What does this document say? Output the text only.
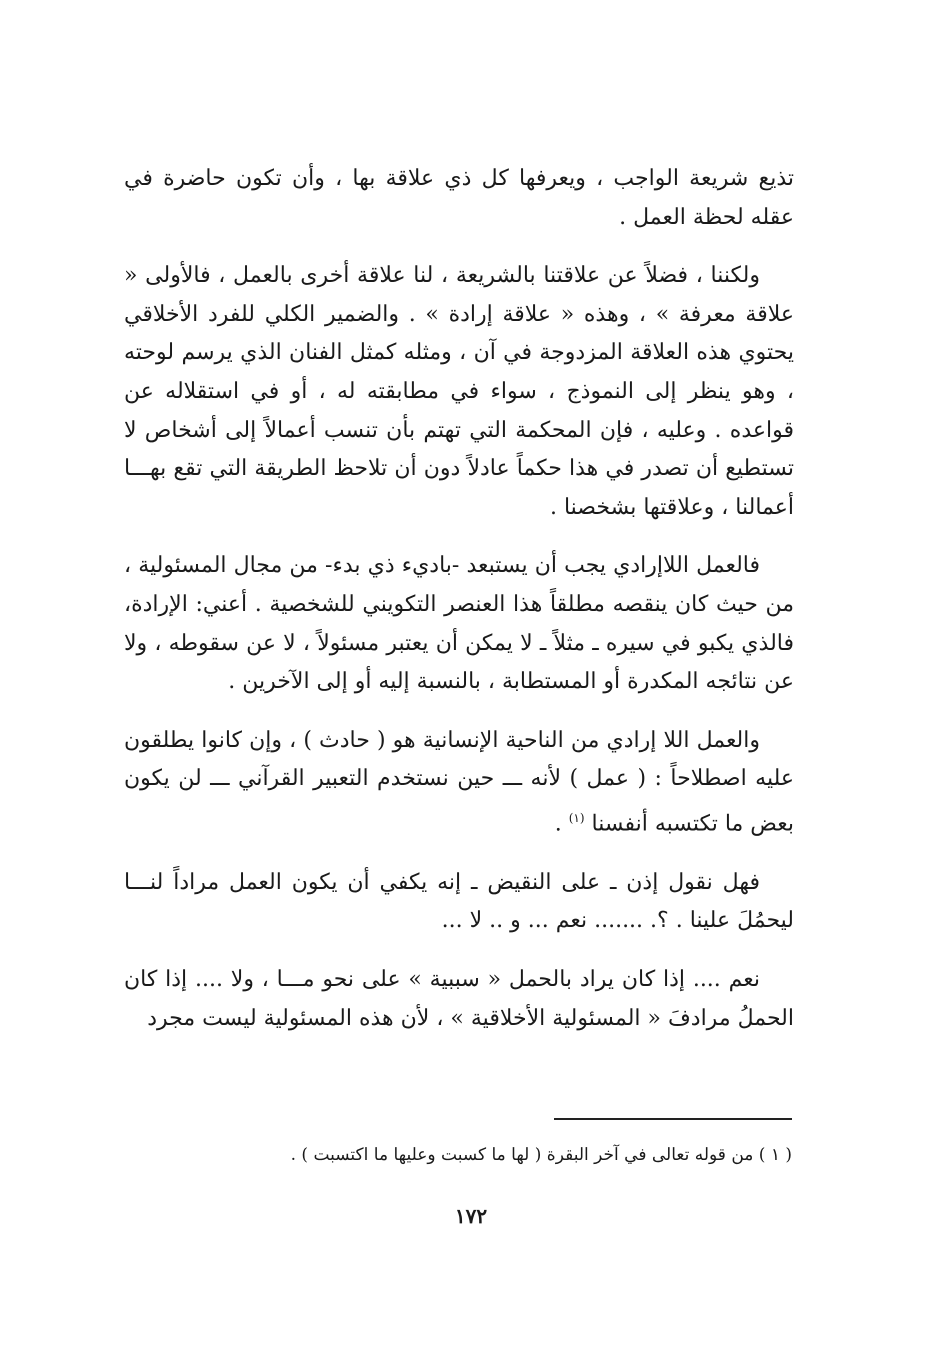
تذيع شريعة الواجب ، ويعرفها كل ذي علاقة بها ، وأن تكون حاضرة في عقله لحظة العمل .

ولكننا ، فضلاً عن علاقتنا بالشريعة ، لنا علاقة أخرى بالعمل ، فالأولى « علاقة معرفة » ، وهذه « علاقة إرادة » . والضمير الكلي للفرد الأخلاقي يحتوي هذه العلاقة المزدوجة في آن ، ومثله كمثل الفنان الذي يرسم لوحته ، وهو ينظر إلى النموذج ، سواء في مطابقته له ، أو في استقلاله عن قواعده . وعليه ، فإن المحكمة التي تهتم بأن تنسب أعمالاً إلى أشخاص لا تستطيع أن تصدر في هذا حكماً عادلاً دون أن تلاحظ الطريقة التي تقع بهـــا أعمالنا ، وعلاقتها بشخصنا .

فالعمل اللاإرادي يجب أن يستبعد -باديء ذي بدء- من مجال المسئولية ، من حيث كان ينقصه مطلقاً هذا العنصر التكويني للشخصية . أعني: الإرادة، فالذي يكبو في سيره ـ مثلاً ـ لا يمكن أن يعتبر مسئولاً ، لا عن سقوطه ، ولا عن نتائجه المكدرة أو المستطابة ، بالنسبة إليه أو إلى الآخرين .

والعمل اللا إرادي من الناحية الإنسانية هو ( حادث ) ، وإن كانوا يطلقون عليه اصطلاحاً : ( عمل ) لأنه ـــ حين نستخدم التعبير القرآني ـــ لن يكون بعض ما تكتسبه أنفسنا $^{(١)}$ .

فهل نقول إذن ـ على النقيض ـ إنه يكفي أن يكون العمل مراداً لنـــا ليحمُلَ علينا . ؟. ....... نعم ... و .. لا ...

نعم .... إذا كان يراد بالحمل « سببية » على نحو مـــا ، ولا .... إذا كان الحملُ مرادفَ « المسئولية الأخلاقية » ، لأن هذه المسئولية ليست مجرد

( ١ ) من قوله تعالى في آخر البقرة ( لها ما كسبت وعليها ما اكتسبت ) .
١٧٢
